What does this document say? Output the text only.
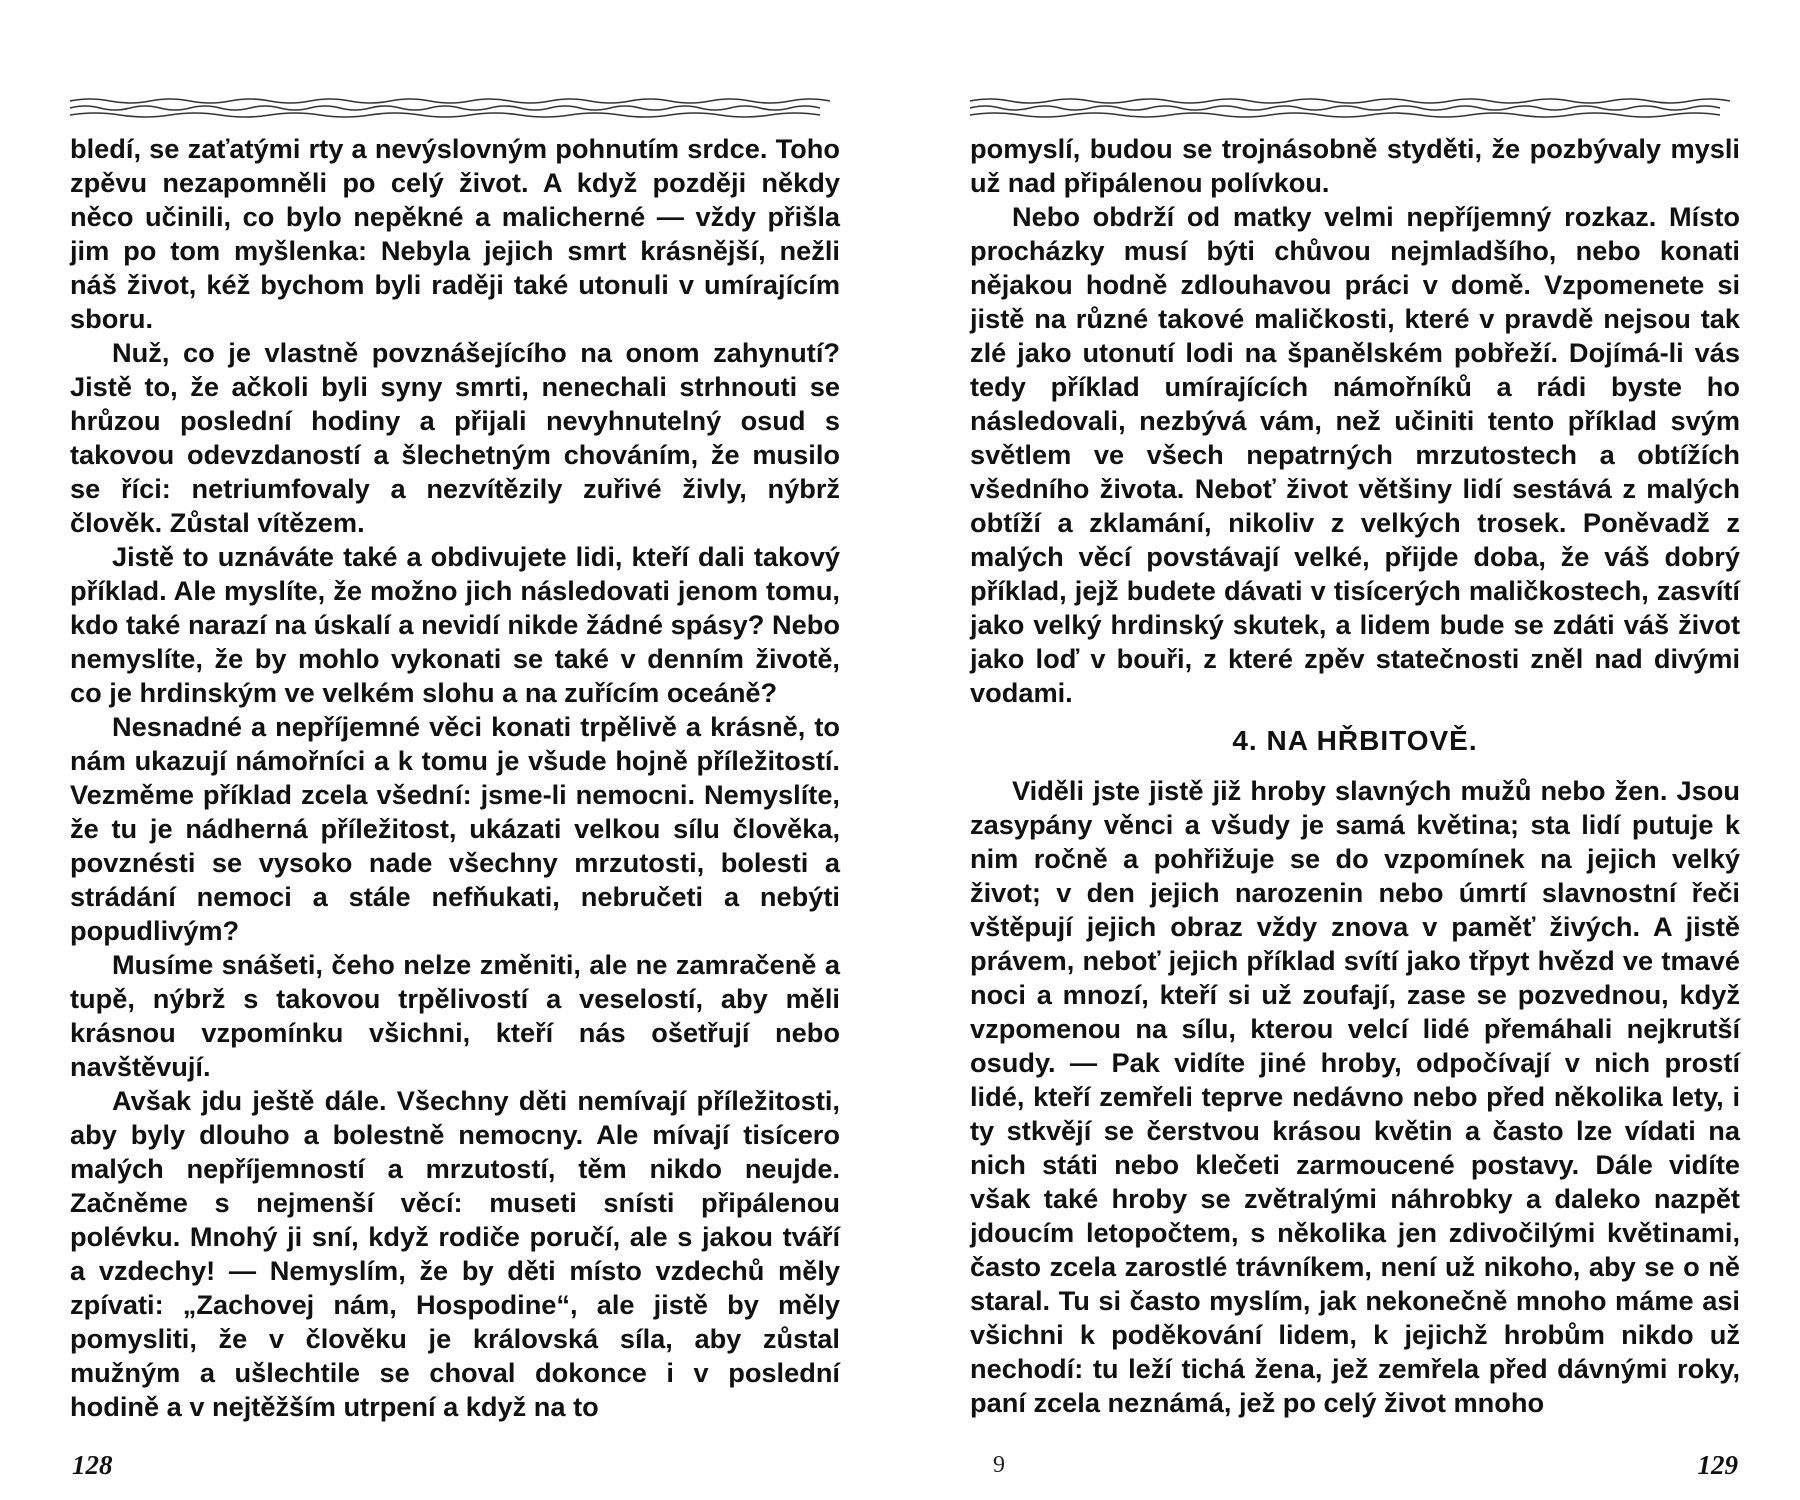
bledí, se zaťatými rty a nevýslovným pohnutím srdce. Toho zpěvu nezapomněli po celý život. A když později někdy něco učinili, co bylo nepěkné a malicherné — vždy přišla jim po tom myšlenka: Nebyla jejich smrt krásnější, nežli náš život, kéž bychom byli raději také utonuli v umírajícím sboru.

Nuž, co je vlastně povznášejícího na onom zahynutí? Jistě to, že ačkoli byli syny smrti, nenechali strhnouti se hrůzou poslední hodiny a přijali nevyhnutelný osud s takovou odevzdaností a šlechetným chováním, že musilo se říci: netriumfovaly a nezvítězily zuřivé živly, nýbrž člověk. Zůstal vítězem.

Jistě to uznáváte také a obdivujete lidi, kteří dali takový příklad. Ale myslíte, že možno jich následovati jenom tomu, kdo také narazí na úskalí a nevidí nikde žádné spásy? Nebo nemyslíte, že by mohlo vykonati se také v denním životě, co je hrdinským ve velkém slohu a na zuřícím oceáně?

Nesnadné a nepříjemné věci konati trpělivě a krásně, to nám ukazují námořníci a k tomu je všude hojně příležitostí. Vezměme příklad zcela všední: jsme-li nemocni. Nemyslíte, že tu je nádherná příležitost, ukázati velkou sílu člověka, povznésti se vysoko nade všechny mrzutosti, bolesti a strádání nemoci a stále nefňukati, nebručeti a nebýti popudlivým?

Musíme snášeti, čeho nelze změniti, ale ne zamračeně a tupě, nýbrž s takovou trpělivostí a veselostí, aby měli krásnou vzpomínku všichni, kteří nás ošetřují nebo navštěvují.

Avšak jdu ještě dále. Všechny děti nemívají příležitosti, aby byly dlouho a bolestně nemocny. Ale mívají tisícero malých nepříjemností a mrzutostí, těm nikdo neujde. Začněme s nejmenší věcí: museti snísti připálenou polévku. Mnohý ji sní, když rodiče poručí, ale s jakou tváří a vzdechy! — Nemyslím, že by děti místo vzdechů měly zpívati: „Zachovej nám, Hospodine“, ale jistě by měly pomysliti, že v člověku je královská síla, aby zůstal mužným a ušlechtile se choval dokonce i v poslední hodině a v nejtěžším utrpení a když na to

128

pomyslí, budou se trojnásobně styděti, že pozbývaly mysli už nad připálenou polívkou.

Nebo obdrží od matky velmi nepříjemný rozkaz. Místo procházky musí býti chůvou nejmladšího, nebo konati nějakou hodně zdlouhavou práci v domě. Vzpomenete si jistě na různé takové maličkosti, které v pravdě nejsou tak zlé jako utonutí lodi na španělském pobřeží. Dojímá-li vás tedy příklad umírajících námořníků a rádi byste ho následovali, nezbývá vám, než učiniti tento příklad svým světlem ve všech nepatrných mrzutostech a obtížích všedního života. Neboť život většiny lidí sestává z malých obtíží a zklamání, nikoliv z velkých trosek. Poněvadž z malých věcí povstávají velké, přijde doba, že váš dobrý příklad, jejž budete dávati v tisícerých maličkostech, zasvítí jako velký hrdinský skutek, a lidem bude se zdáti váš život jako loď v bouři, z které zpěv statečnosti zněl nad divými vodami.

4. NA HŘBITOVĚ.

Viděli jste jistě již hroby slavných mužů nebo žen. Jsou zasypány věnci a všudy je samá květina; sta lidí putuje k nim ročně a pohřižuje se do vzpomínek na jejich velký život; v den jejich narozenin nebo úmrtí slavnostní řeči vštěpují jejich obraz vždy znova v paměť živých. A jistě právem, neboť jejich příklad svítí jako třpyt hvězd ve tmavé noci a mnozí, kteří si už zoufají, zase se pozvednou, když vzpomenou na sílu, kterou velcí lidé přemáhali nejkrutší osudy. — Pak vidíte jiné hroby, odpočívají v nich prostí lidé, kteří zemřeli teprve nedávno nebo před několika lety, i ty stkvějí se čerstvou krásou květin a často lze vídati na nich státi nebo klečeti zarmoucené postavy. Dále vidíte však také hroby se zvětralými náhrobky a daleko nazpět jdoucím letopočtem, s několika jen zdivočilými květinami, často zcela zarostlé trávníkem, není už nikoho, aby se o ně staral. Tu si často myslím, jak nekonečně mnoho máme asi všichni k poděkování lidem, k jejichž hrobům nikdo už nechodí: tu leží tichá žena, jež zemřela před dávnými roky, paní zcela neznámá, jež po celý život mnoho

129
9
